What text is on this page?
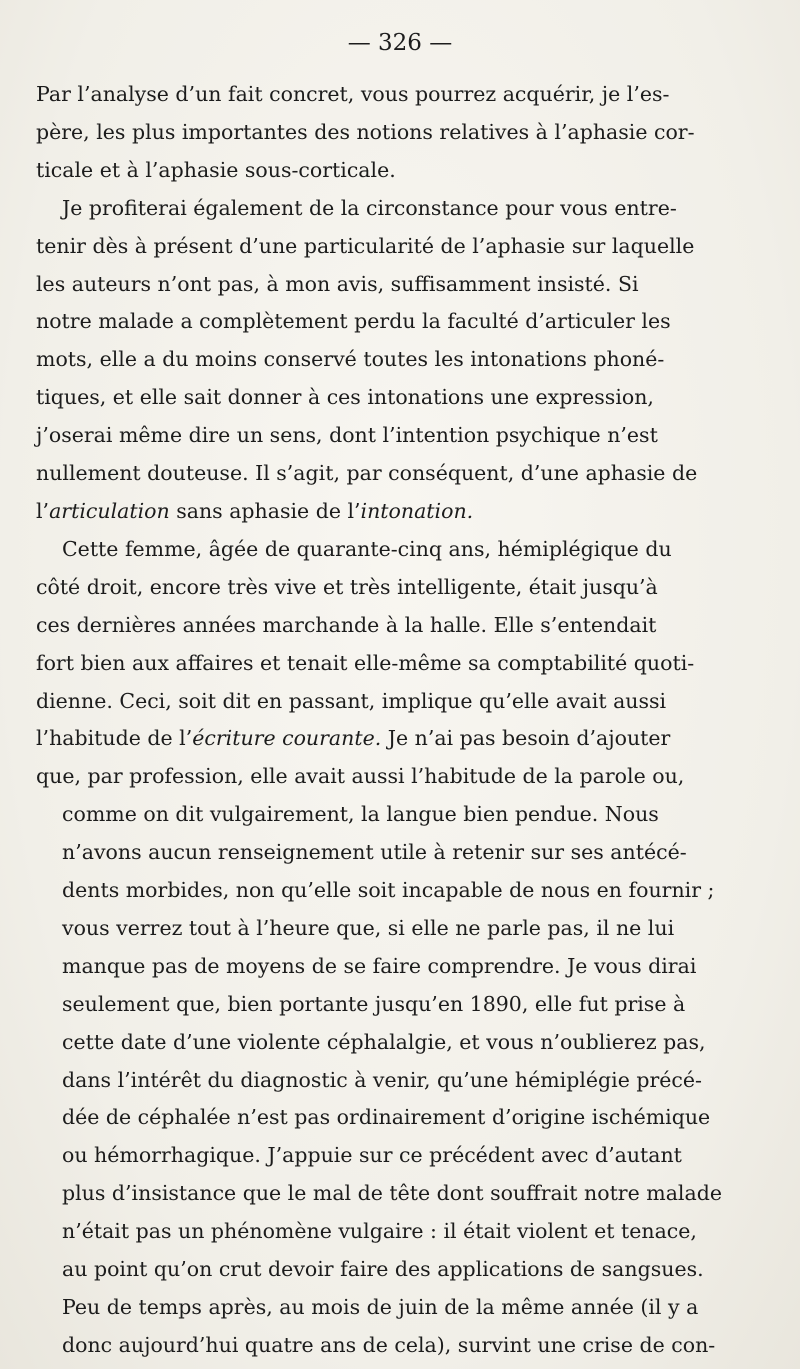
— 326 —
Par l’analyse d’un fait concret, vous pourrez acquérir, je l’es-
père, les plus importantes des notions relatives à l’aphasie cor-
ticale et à l’aphasie sous-corticale.
Je profiterai également de la circonstance pour vous entre-
tenir dès à présent d’une particularité de l’aphasie sur laquelle
les auteurs n’ont pas, à mon avis, suffisamment insisté. Si
notre malade a complètement perdu la faculté d’articuler les
mots, elle a du moins conservé toutes les intonations phoné-
tiques, et elle sait donner à ces intonations une expression,
j’oserai même dire un sens, dont l’intention psychique n’est
nullement douteuse. Il s’agit, par conséquent, d’une aphasie de
l’articulation sans aphasie de l’intonation.
Cette femme, âgée de quarante-cinq ans, hémiplégique du
côté droit, encore très vive et très intelligente, était jusqu’à
ces dernières années marchande à la halle. Elle s’entendait
fort bien aux affaires et tenait elle-même sa comptabilité quoti-
dienne. Ceci, soit dit en passant, implique qu’elle avait aussi
l’habitude de l’écriture courante. Je n’ai pas besoin d’ajouter
que, par profession, elle avait aussi l’habitude de la parole ou,
comme on dit vulgairement, la langue bien pendue. Nous
n’avons aucun renseignement utile à retenir sur ses antécé-
dents morbides, non qu’elle soit incapable de nous en fournir ;
vous verrez tout à l’heure que, si elle ne parle pas, il ne lui
manque pas de moyens de se faire comprendre. Je vous dirai
seulement que, bien portante jusqu’en 1890, elle fut prise à
cette date d’une violente céphalalgie, et vous n’oublierez pas,
dans l’intérêt du diagnostic à venir, qu’une hémiplégie précé-
dée de céphalée n’est pas ordinairement d’origine ischémique
ou hémorrhagique. J’appuie sur ce précédent avec d’autant
plus d’insistance que le mal de tête dont souffrait notre malade
n’était pas un phénomène vulgaire : il était violent et tenace,
au point qu’on crut devoir faire des applications de sangsues.
Peu de temps après, au mois de juin de la même année (il y a
donc aujourd’hui quatre ans de cela), survint une crise de con-
